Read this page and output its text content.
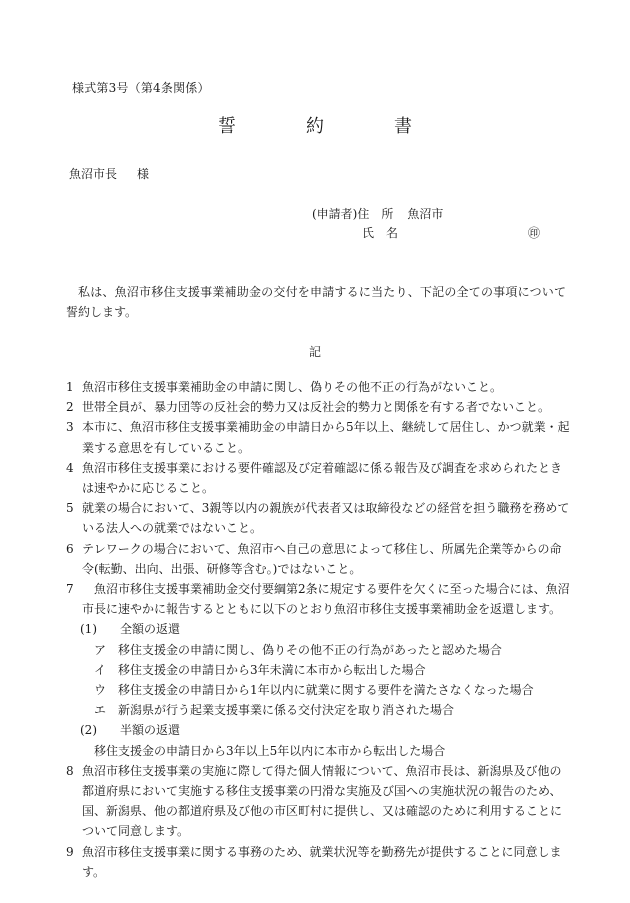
様式第3号（第4条関係）
誓　約　書
魚沼市長 様
(申請者)住　所 魚沼市
氏　名	㊞
私は、魚沼市移住支援事業補助金の交付を申請するに当たり、下記の全ての事項について誓約します。
記
1 魚沼市移住支援事業補助金の申請に関し、偽りその他不正の行為がないこと。
2 世帯全員が、暴力団等の反社会的勢力又は反社会的勢力と関係を有する者でないこと。
3 本市に、魚沼市移住支援事業補助金の申請日から5年以上、継続して居住し、かつ就業・起業する意思を有していること。
4 魚沼市移住支援事業における要件確認及び定着確認に係る報告及び調査を求められたときは速やかに応じること。
5 就業の場合において、3親等以内の親族が代表者又は取締役などの経営を担う職務を務めている法人への就業ではないこと。
6 テレワークの場合において、魚沼市へ自己の意思によって移住し、所属先企業等からの命令(転勤、出向、出張、研修等含む。)ではないこと。
7 　魚沼市移住支援事業補助金交付要綱第2条に規定する要件を欠くに至った場合には、魚沼市長に速やかに報告するとともに以下のとおり魚沼市移住支援事業補助金を返還します。
(1) 全額の返還
ア 移住支援金の申請に関し、偽りその他不正の行為があったと認めた場合
イ 移住支援金の申請日から3年未満に本市から転出した場合
ウ 移住支援金の申請日から1年以内に就業に関する要件を満たさなくなった場合
エ 新潟県が行う起業支援事業に係る交付決定を取り消された場合
(2) 半額の返還
移住支援金の申請日から3年以上5年以内に本市から転出した場合
8 魚沼市移住支援事業の実施に際して得た個人情報について、魚沼市長は、新潟県及び他の都道府県において実施する移住支援事業の円滑な実施及び国への実施状況の報告のため、国、新潟県、他の都道府県及び他の市区町村に提供し、又は確認のために利用することについて同意します。
9 魚沼市移住支援事業に関する事務のため、就業状況等を勤務先が提供することに同意します。
